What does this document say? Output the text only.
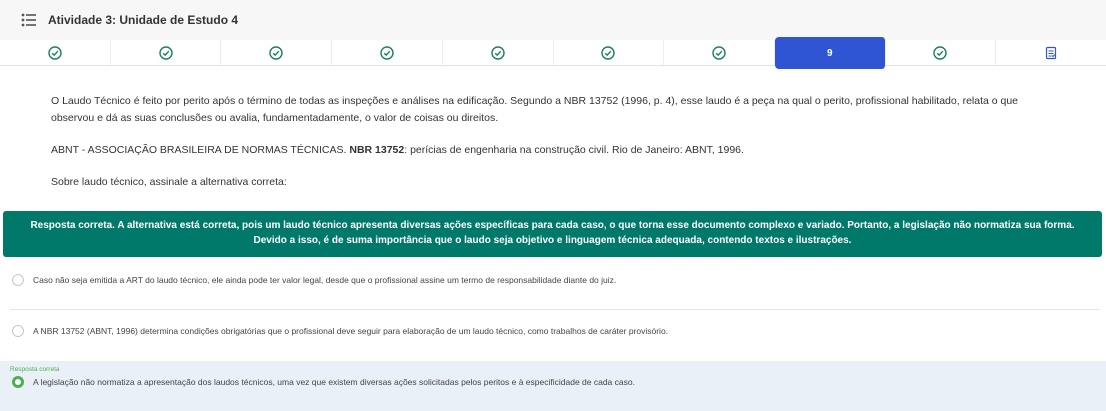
Atividade 3: Unidade de Estudo 4
9

O Laudo Técnico é feito por perito após o término de todas as inspeções e análises na edificação. Segundo a NBR 13752 (1996, p. 4), esse laudo é a peça na qual o perito, profissional habilitado, relata o que observou e dá as suas conclusões ou avalia, fundamentadamente, o valor de coisas ou direitos.

ABNT - ASSOCIAÇÃO BRASILEIRA DE NORMAS TÉCNICAS. NBR 13752: perícias de engenharia na construção civil. Rio de Janeiro: ABNT, 1996.

Sobre laudo técnico, assinale a alternativa correta:

Resposta correta. A alternativa está correta, pois um laudo técnico apresenta diversas ações específicas para cada caso, o que torna esse documento complexo e variado. Portanto, a legislação não normatiza sua forma. Devido a isso, é de suma importância que o laudo seja objetivo e linguagem técnica adequada, contendo textos e ilustrações.
Caso não seja emitida a ART do laudo técnico, ele ainda pode ter valor legal, desde que o profissional assine um termo de responsabilidade diante do juiz.
A NBR 13752 (ABNT, 1996) determina condições obrigatórias que o profissional deve seguir para elaboração de um laudo técnico, como trabalhos de caráter provisório.
Resposta correta
A legislação não normatiza a apresentação dos laudos técnicos, uma vez que existem diversas ações solicitadas pelos peritos e à especificidade de cada caso.
